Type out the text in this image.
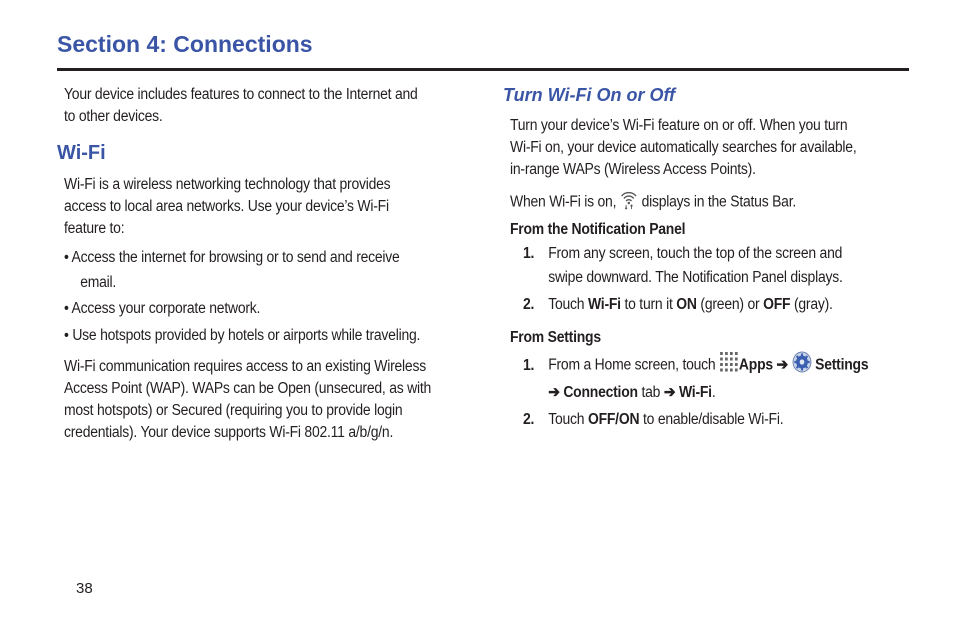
Section 4: Connections
Your device includes features to connect to the Internet and
to other devices.
Wi-Fi
Wi-Fi is a wireless networking technology that provides
access to local area networks. Use your device’s Wi-Fi
feature to:
• Access the internet for browsing or to send and receive
email.
• Access your corporate network.
• Use hotspots provided by hotels or airports while traveling.
Wi-Fi communication requires access to an existing Wireless
Access Point (WAP). WAPs can be Open (unsecured, as with
most hotspots) or Secured (requiring you to provide login
credentials). Your device supports Wi-Fi 802.11 a/b/g/n.
Turn Wi-Fi On or Off
Turn your device’s Wi-Fi feature on or off. When you turn
Wi-Fi on, your device automatically searches for available,
in-range WAPs (Wireless Access Points).
When Wi-Fi is on, displays in the Status Bar.
From the Notification Panel
1. From any screen, touch the top of the screen and
swipe downward. The Notification Panel displays.
2. Touch Wi-Fi to turn it ON (green) or OFF (gray).
From Settings
1. From a Home screen, touch Apps ➔ Settings
➔ Connection tab ➔ Wi-Fi.
2. Touch OFF/ON to enable/disable Wi-Fi.
38
